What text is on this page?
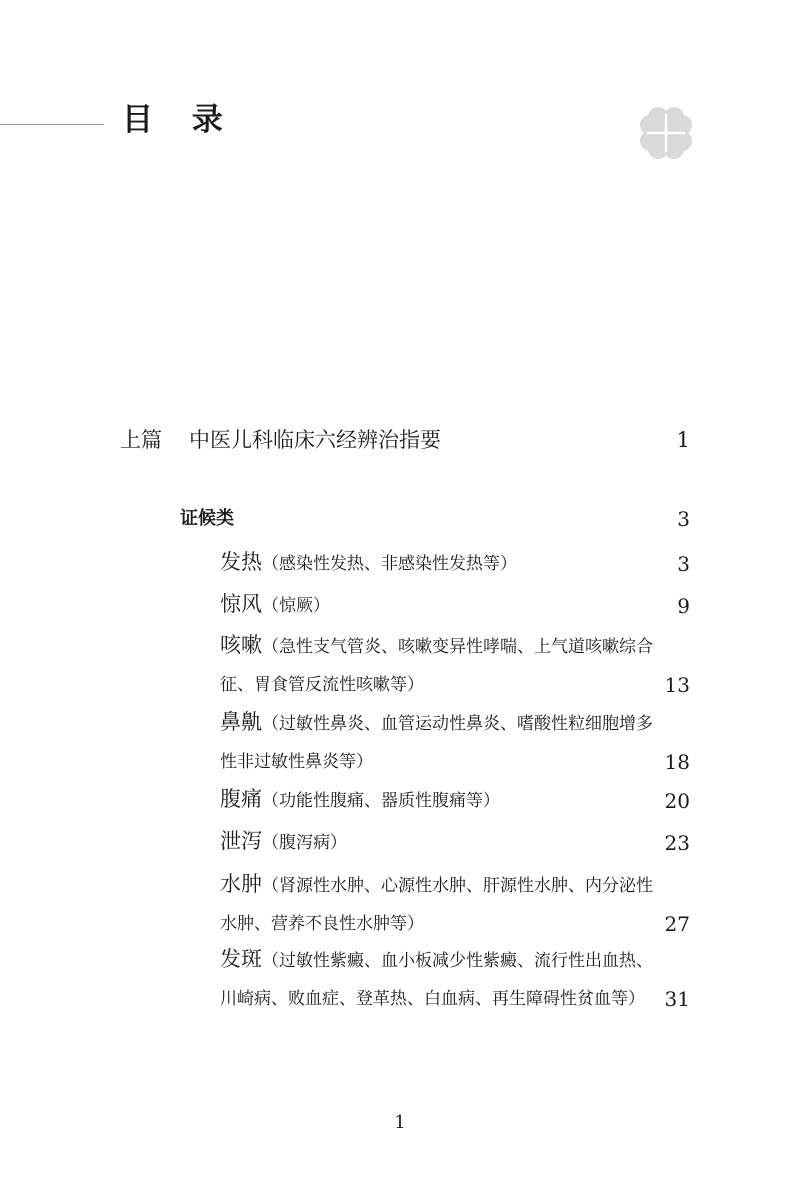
目 录
上篇 中医儿科临床六经辨治指要	1
证候类	3
发热（感染性发热、非感染性发热等）	3
惊风（惊厥）	9
咳嗽（急性支气管炎、咳嗽变异性哮喘、上气道咳嗽综合征、胃食管反流性咳嗽等）	13
鼻鼽（过敏性鼻炎、血管运动性鼻炎、嗜酸性粒细胞增多性非过敏性鼻炎等）	18
腹痛（功能性腹痛、器质性腹痛等）	20
泄泻（腹泻病）	23
水肿（肾源性水肿、心源性水肿、肝源性水肿、内分泌性水肿、营养不良性水肿等）	27
发斑（过敏性紫癜、血小板减少性紫癜、流行性出血热、川崎病、败血症、登革热、白血病、再生障碍性贫血等） 31
1
